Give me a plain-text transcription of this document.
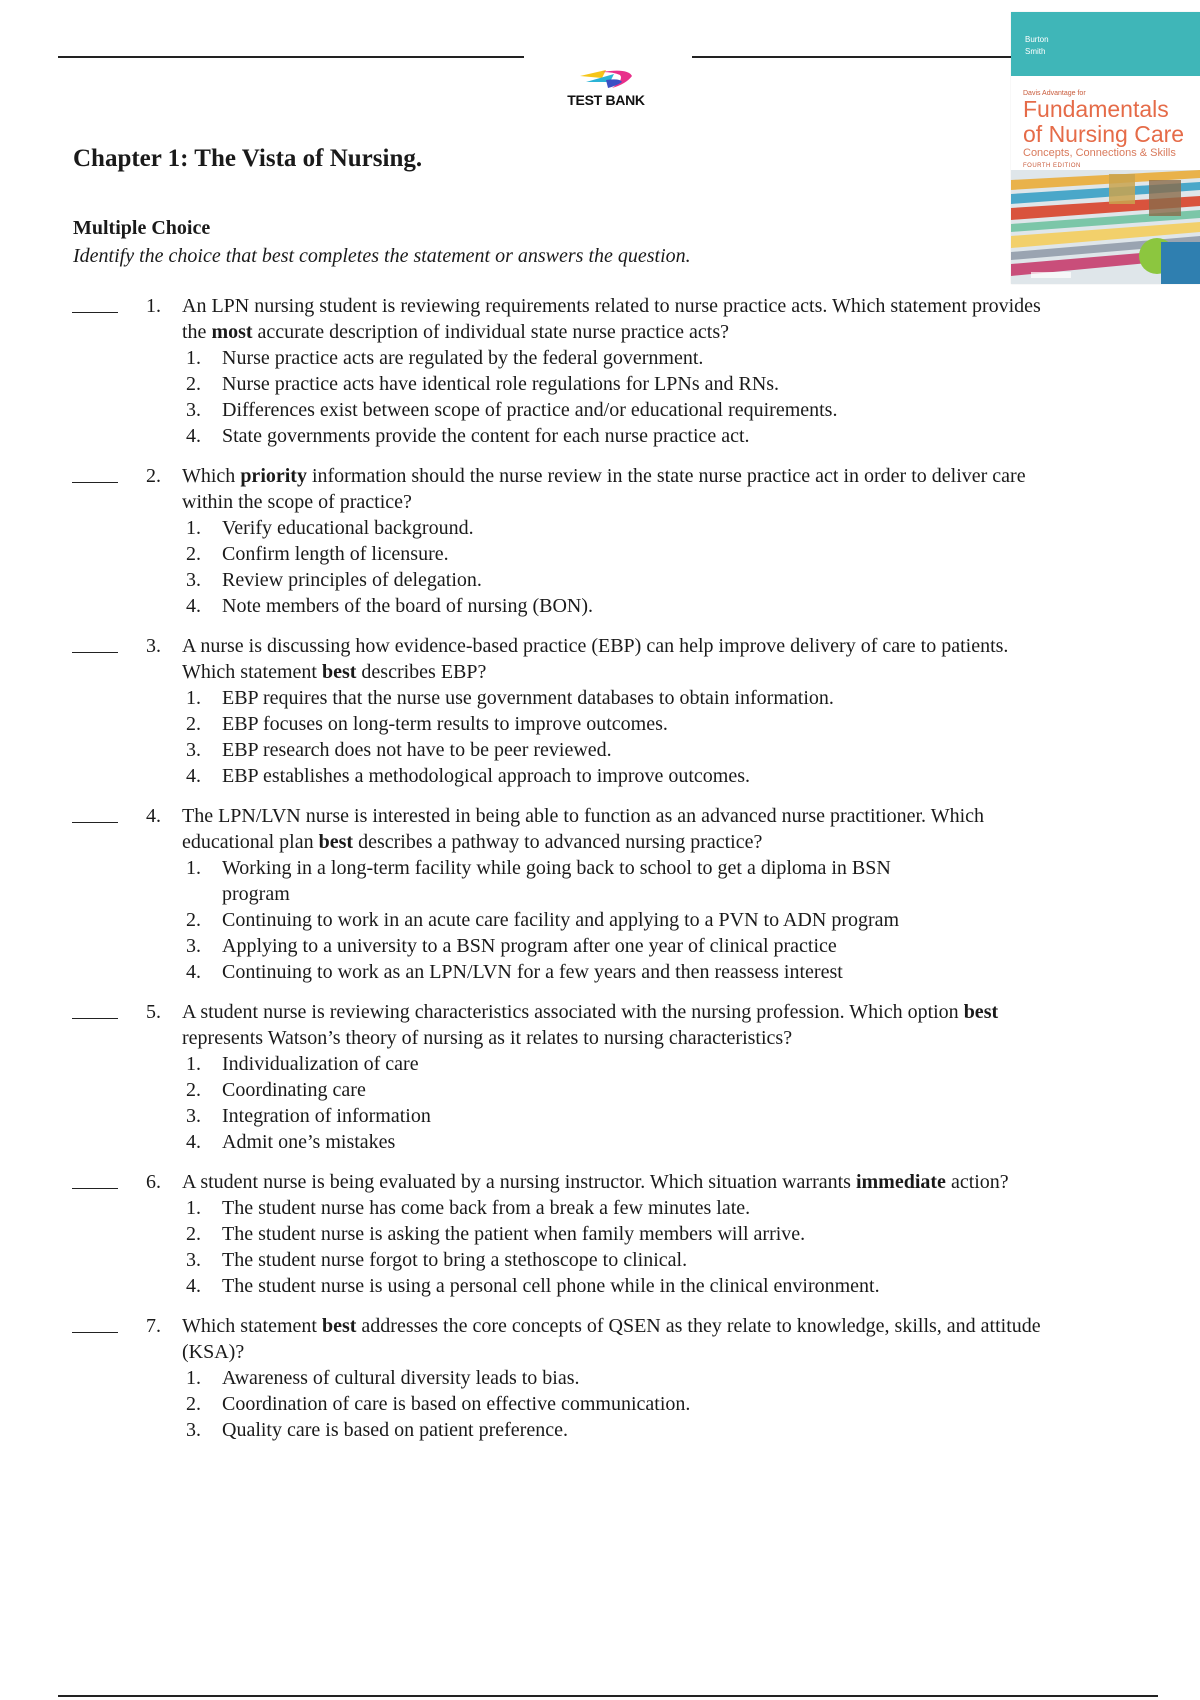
TEST BANK
Burton
Smith
Davis Advantage for
Fundamentals
of Nursing Care
Concepts, Connections & Skills
FOURTH EDITION
Chapter 1: The Vista of Nursing.
Multiple Choice
Identify the choice that best completes the statement or answers the question.
1. An LPN nursing student is reviewing requirements related to nurse practice acts. Which statement provides
the most accurate description of individual state nurse practice acts?
1. Nurse practice acts are regulated by the federal government.
2. Nurse practice acts have identical role regulations for LPNs and RNs.
3. Differences exist between scope of practice and/or educational requirements.
4. State governments provide the content for each nurse practice act.
2. Which priority information should the nurse review in the state nurse practice act in order to deliver care
within the scope of practice?
1. Verify educational background.
2. Confirm length of licensure.
3. Review principles of delegation.
4. Note members of the board of nursing (BON).
3. A nurse is discussing how evidence-based practice (EBP) can help improve delivery of care to patients.
Which statement best describes EBP?
1. EBP requires that the nurse use government databases to obtain information.
2. EBP focuses on long-term results to improve outcomes.
3. EBP research does not have to be peer reviewed.
4. EBP establishes a methodological approach to improve outcomes.
4. The LPN/LVN nurse is interested in being able to function as an advanced nurse practitioner. Which
educational plan best describes a pathway to advanced nursing practice?
1. Working in a long-term facility while going back to school to get a diploma in BSN
program
2. Continuing to work in an acute care facility and applying to a PVN to ADN program
3. Applying to a university to a BSN program after one year of clinical practice
4. Continuing to work as an LPN/LVN for a few years and then reassess interest
5. A student nurse is reviewing characteristics associated with the nursing profession. Which option best
represents Watson’s theory of nursing as it relates to nursing characteristics?
1. Individualization of care
2. Coordinating care
3. Integration of information
4. Admit one’s mistakes
6. A student nurse is being evaluated by a nursing instructor. Which situation warrants immediate action?
1. The student nurse has come back from a break a few minutes late.
2. The student nurse is asking the patient when family members will arrive.
3. The student nurse forgot to bring a stethoscope to clinical.
4. The student nurse is using a personal cell phone while in the clinical environment.
7. Which statement best addresses the core concepts of QSEN as they relate to knowledge, skills, and attitude
(KSA)?
1. Awareness of cultural diversity leads to bias.
2. Coordination of care is based on effective communication.
3. Quality care is based on patient preference.
